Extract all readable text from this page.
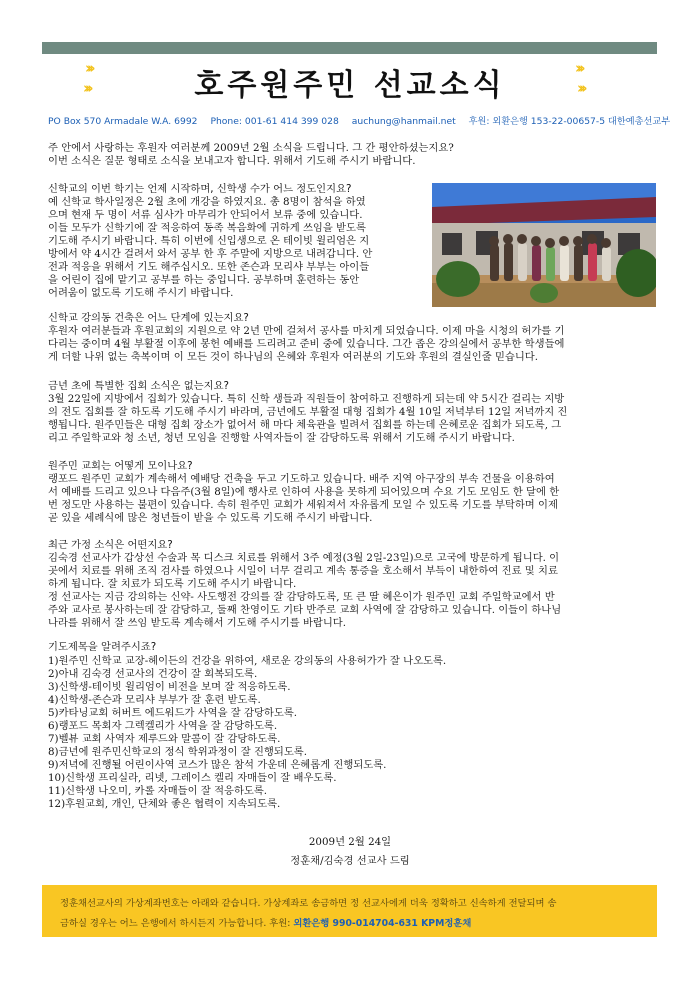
›››
›››
›››
›››
호주원주민 선교소식
PO Box 570 Armadale W.A. 6992 Phone: 001-61 414 399 028 auchung@hanmail.net 후원: 외환은행 153-22-00657-5 대한예총선교부
주 안에서 사랑하는 후원자 여러분께 2009년 2월 소식을 드립니다. 그 간 평안하셨는지요?
이번 소식은 질문 형태로 소식을 보내고자 합니다. 위해서 기도해 주시기 바랍니다.

신학교의 이번 학기는 언제 시작하며, 신학생 수가 어느 정도인지요?

예 신학교 학사일정은 2월 초에 개강을 하였지요. 총 8명이 참석을 하였
으며 현재 두 명이 서류 심사가 마무리가 안되어서 보류 중에 있습니다.
이들 모두가 신학기에 잘 적응하여 동족 복음화에 귀하게 쓰임을 받도록
기도해 주시기 바랍니다. 특히 이번에 신입생으로 온 테이빗 윌리엄은 지
방에서 약 4시간 걸려서 와서 공부 한 후 주말에 지방으로 내려갑니다. 안
전과 적응을 위해서 기도 해주십시오. 또한 존슨과 모리샤 부부는 아이들
을 어린이 집에 맡기고 공부를 하는 중입니다. 공부하며 훈련하는 동안
어려움이 없도록 기도해 주시기 바랍니다.

신학교 강의동 건축은 어느 단계에 있는지요?

후원자 여러분들과 후원교회의 지원으로 약 2년 만에 걸쳐서 공사를 마치게 되었습니다. 이제 마을 시청의 허가를 기
다리는 중이며 4월 부활절 이후에 봉헌 예배를 드리려고 준비 중에 있습니다. 그간 좁은 강의실에서 공부한 학생들에
게 더할 나위 없는 축복이며 이 모든 것이 하나님의 은혜와 후원자 여러분의 기도와 후원의 결실인줄 믿습니다.

금년 초에 특별한 집회 소식은 없는지요?

3월 22일에 지방에서 집회가 있습니다. 특히 신학 생들과 직원들이 참여하고 진행하게 되는데 약 5시간 걸리는 지방
의 전도 집회를 잘 하도록 기도해 주시기 바라며, 금년에도 부활절 대형 집회가 4월 10일 저녁부터 12일 저녁까지 진
행됩니다. 원주민들은 대형 집회 장소가 없어서 해 마다 체육관을 빌려서 집회를 하는데 은혜로운 집회가 되도록, 그
리고 주일학교와 청 소년, 청년 모임을 진행할 사역자들이 잘 감당하도록 위해서 기도해 주시기 바랍니다.

원주민 교회는 어떻게 모이나요?

랭포드 원주민 교회가 계속해서 예배당 건축을 두고 기도하고 있습니다. 배주 지역 아구장의 부속 건물을 이용하여
서 예배를 드리고 있으나 다음주(3월 8일)에 행사로 인하여 사용을 못하게 되어있으며 수요 기도 모임도 한 달에 한
번 정도만 사용하는 불편이 있습니다. 속히 원주민 교회가 세워져서 자유롭게 모일 수 있도록 기도를 부탁하며 이제
곧 있을 세례식에 많은 청년들이 받을 수 있도록 기도해 주시기 바랍니다.

최근 가정 소식은 어떤지요?

김숙경 선교사가 갑상선 수술과 목 디스크 치료를 위해서 3주 예정(3월 2일-23일)으로 고국에 방문하게 됩니다. 이
곳에서 치료를 위해 조직 검사를 하였으나 시일이 너무 걸리고 계속 통증을 호소해서 부득이 내한하여 진료 및 치료
하게 됩니다. 잘 치료가 되도록 기도해 주시기 바랍니다.
정 선교사는 지금 강의하는 신약- 사도행전 강의를 잘 감당하도록, 또 큰 딸 혜은이가 원주민 교회 주일학교에서 반
주와 교사로 봉사하는데 잘 감당하고, 둘째 찬영이도 기타 반주로 교회 사역에 잘 감당하고 있습니다. 이들이 하나님
나라를 위해서 잘 쓰임 받도록 계속해서 기도해 주시기를 바랍니다.

기도제목을 알려주시죠?

1)원주민 신학교 교장-헤이든의 건강을 위하여, 새로운 강의동의 사용허가가 잘 나오도록.
2)아내 김숙경 선교사의 건강이 잘 회복되도록.
3)신학생-테이빗 윌리엄이 비전을 보며 잘 적응하도록.
4)신학생-존슨과 모리샤 부부가 잘 훈련 받도록.
5)카타닝교회 허버트 에드워드가 사역을 잘 감당하도록.
6)랭포드 목회자 그렉켈리가 사역을 잘 감당하도록.
7)벨뷰 교회 사역자 제루드와 말콤이 잘 감당하도록.
8)금년에 원주민신학교의 정식 학위과정이 잘 진행되도록.
9)저녁에 진행될 어린이사역 코스가 많은 참석 가운데 은혜롭게 진행되도록.
10)신학생 프리실라, 리넷, 그레이스 켈리 자매들이 잘 배우도록.
11)신학생 나오미, 카롤 자매들이 잘 적응하도록.
12)후원교회, 개인, 단체와 좋은 협력이 지속되도록.
2009년 2월 24일
정훈채/김숙경 선교사 드림

정훈채선교사의 가상계좌번호는 아래와 같습니다. 가상계좌로 송금하면 정 선교사에게 더욱 정확하고 신속하게 전달되며 송

금하실 경우는 어느 은행에서 하시든지 가능합니다. 후원: 외환은행 990-014704-631 KPM정훈채
